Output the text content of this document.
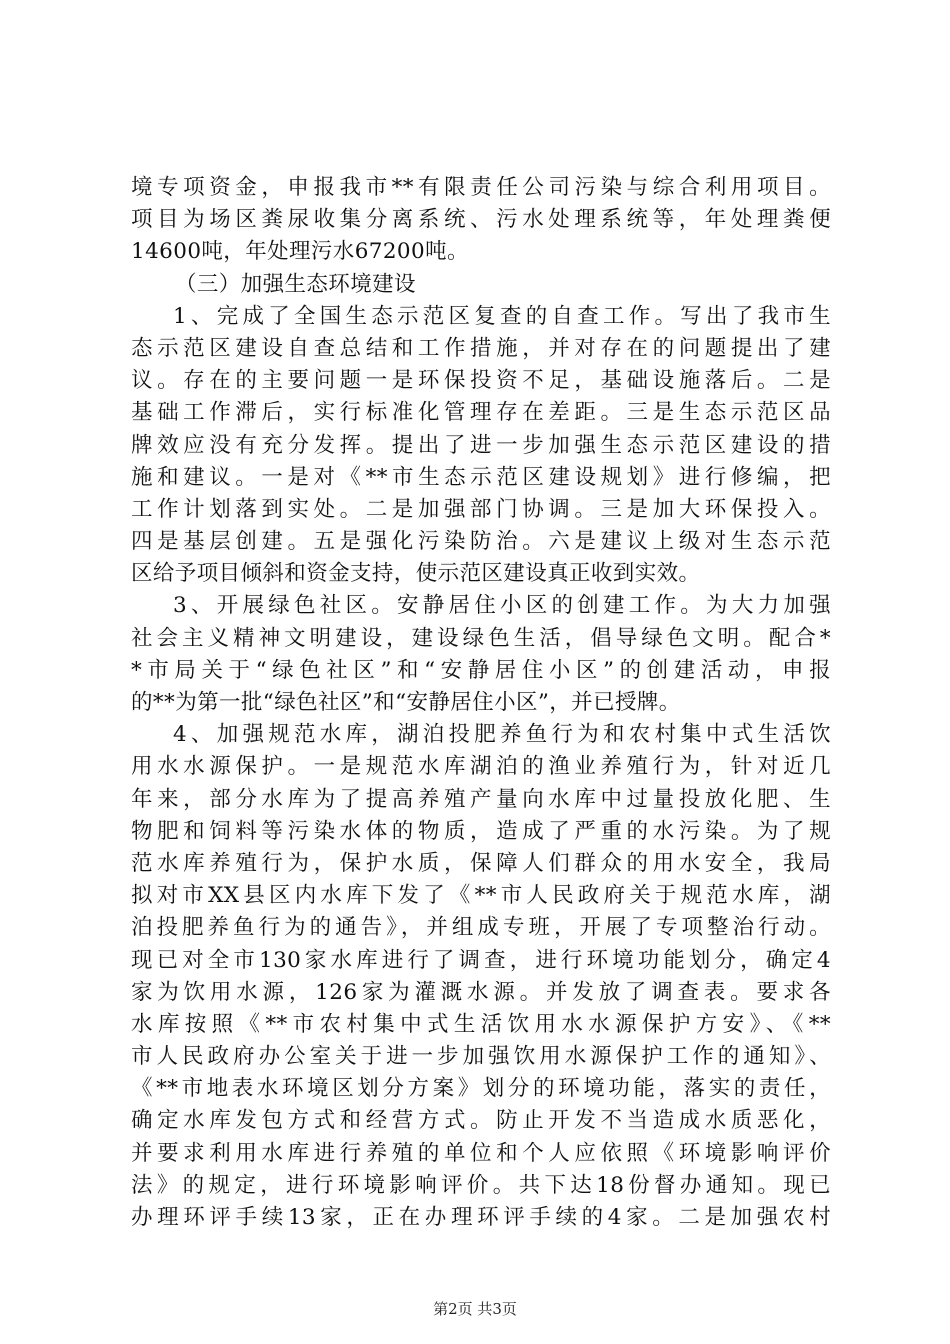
境专项资金，申报我市**有限责任公司污染与综合利用项目。
项目为场区粪尿收集分离系统、污水处理系统等，年处理粪便
14600吨，年处理污水67200吨。
（三）加强生态环境建设
1、完成了全国生态示范区复查的自查工作。写出了我市生
态示范区建设自查总结和工作措施，并对存在的问题提出了建
议。存在的主要问题一是环保投资不足，基础设施落后。二是
基础工作滞后，实行标准化管理存在差距。三是生态示范区品
牌效应没有充分发挥。提出了进一步加强生态示范区建设的措
施和建议。一是对《**市生态示范区建设规划》进行修编，把
工作计划落到实处。二是加强部门协调。三是加大环保投入。
四是基层创建。五是强化污染防治。六是建议上级对生态示范
区给予项目倾斜和资金支持，使示范区建设真正收到实效。
3、开展绿色社区。安静居住小区的创建工作。为大力加强
社会主义精神文明建设，建设绿色生活，倡导绿色文明。配合*
*市局关于“绿色社区”和“安静居住小区”的创建活动，申报
的**为第一批“绿色社区”和“安静居住小区”，并已授牌。
4、加强规范水库，湖泊投肥养鱼行为和农村集中式生活饮
用水水源保护。一是规范水库湖泊的渔业养殖行为，针对近几
年来，部分水库为了提高养殖产量向水库中过量投放化肥、生
物肥和饲料等污染水体的物质，造成了严重的水污染。为了规
范水库养殖行为，保护水质，保障人们群众的用水安全，我局
拟对市XX县区内水库下发了《**市人民政府关于规范水库，湖
泊投肥养鱼行为的通告》，并组成专班，开展了专项整治行动。
现已对全市130家水库进行了调查，进行环境功能划分，确定4
家为饮用水源，126家为灌溉水源。并发放了调查表。要求各
水库按照《**市农村集中式生活饮用水水源保护方安》、《**
市人民政府办公室关于进一步加强饮用水源保护工作的通知》、
《**市地表水环境区划分方案》划分的环境功能，落实的责任，
确定水库发包方式和经营方式。防止开发不当造成水质恶化，
并要求利用水库进行养殖的单位和个人应依照《环境影响评价
法》的规定，进行环境影响评价。共下达18份督办通知。现已
办理环评手续13家，正在办理环评手续的4家。二是加强农村
第2页 共3页
